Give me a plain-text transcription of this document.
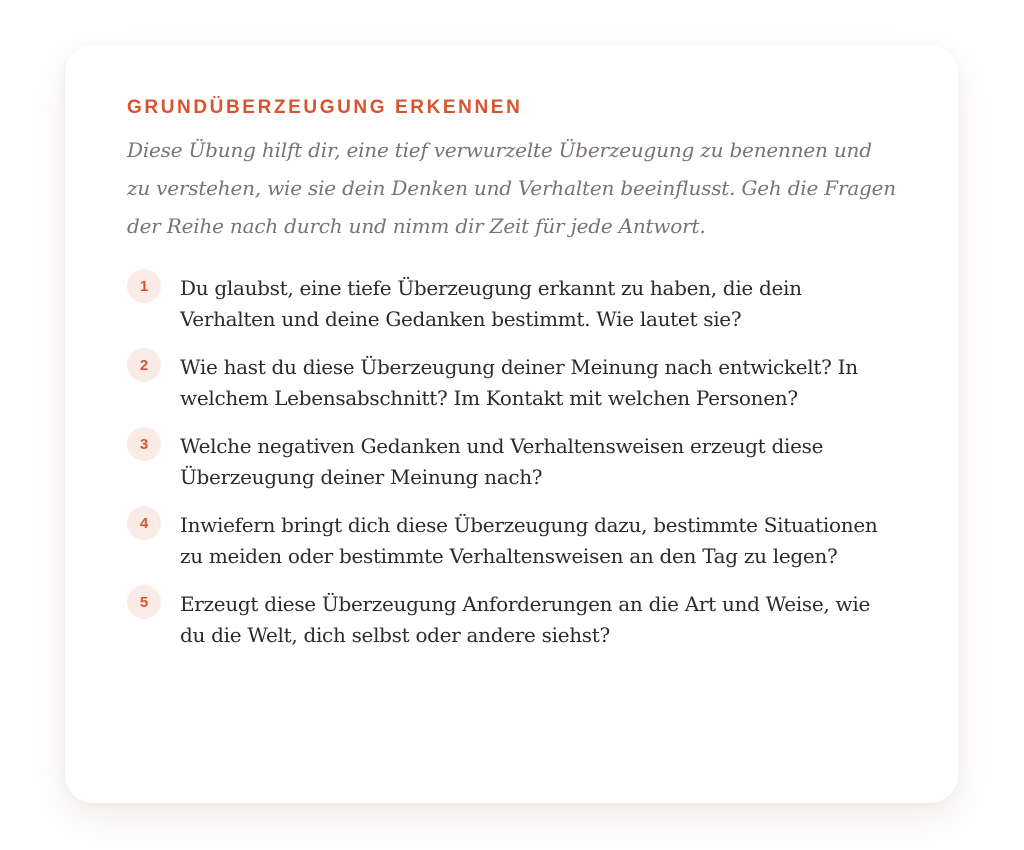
GRUNDÜBERZEUGUNG ERKENNEN

Diese Übung hilft dir, eine tief verwurzelte Überzeugung zu benennen und zu verstehen, wie sie dein Denken und Verhalten beeinflusst. Geh die Fragen der Reihe nach durch und nimm dir Zeit für jede Antwort.

1	Du glaubst, eine tiefe Überzeugung erkannt zu haben, die dein Verhalten und deine Gedanken bestimmt. Wie lautet sie?
2	Wie hast du diese Überzeugung deiner Meinung nach entwickelt? In welchem Lebensabschnitt? Im Kontakt mit welchen Personen?
3	Welche negativen Gedanken und Verhaltensweisen erzeugt diese Überzeugung deiner Meinung nach?
4	Inwiefern bringt dich diese Überzeugung dazu, bestimmte Situationen zu meiden oder bestimmte Verhaltensweisen an den Tag zu legen?
5	Erzeugt diese Überzeugung Anforderungen an die Art und Weise, wie du die Welt, dich selbst oder andere siehst?
